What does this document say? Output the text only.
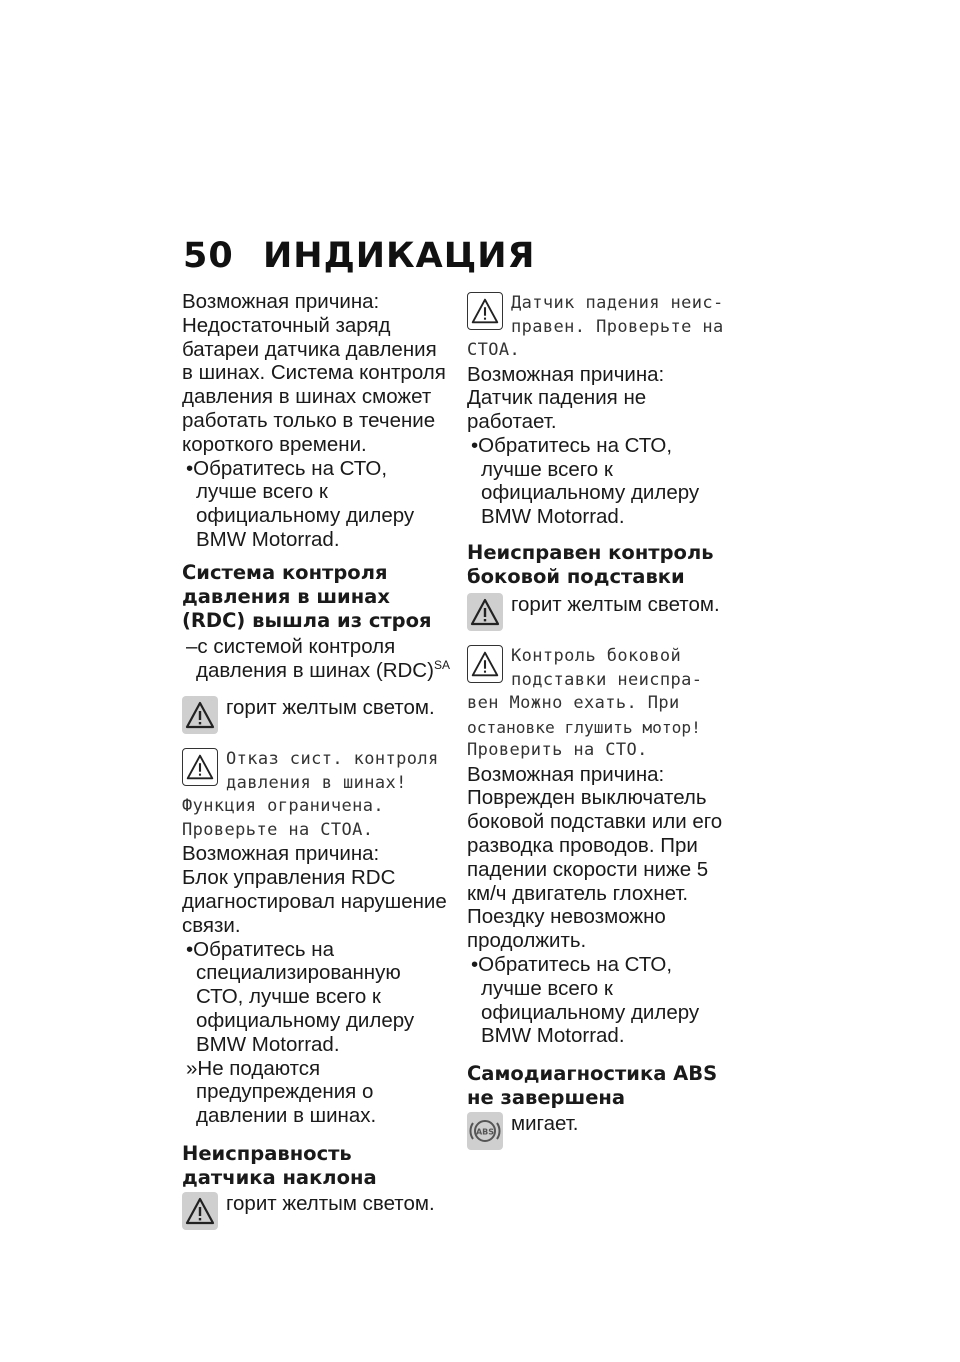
50 ИНДИКАЦИЯ

Возможная причина:

Недостаточный заряд батареи датчика давления в шинах. Система контроля давления в шинах сможет работать только в течение короткого времени.

•Обратитесь на СТО, лучше всего к официальному дилеру BMW Motorrad.

Система контроля давления в шинах (RDC) вышла из строя

–с системой контроля давления в шинах (RDC)$^{SA}$

горит желтым светом.
Отказ сист. контроля
давления в шинах!
Функция ограничена.
Проверьте на СТОА.

Возможная причина:

Блок управления RDC диагностировал нарушение связи.

•Обратитесь на специализированную СТО, лучше всего к официальному дилеру BMW Motorrad.

»Не подаются предупреждения о давлении в шинах.

Неисправность датчика наклона
горит желтым светом.
Датчик падения неис-
правен. Проверьте на
СТОА.

Возможная причина:

Датчик падения не работает.

•Обратитесь на СТО, лучше всего к официальному дилеру BMW Motorrad.

Неисправен контроль боковой подставки
горит желтым светом.
Контроль боковой
подставки неиспра-
вен Можно ехать. При
остановке глушить мотор!
Проверить на СТО.

Возможная причина:

Поврежден выключатель боковой подставки или его разводка проводов. При падении скорости ниже 5 км/ч двигатель глохнет. Поездку невозможно продолжить.

•Обратитесь на СТО, лучше всего к официальному дилеру BMW Motorrad.

Самодиагностика ABS не завершена
ABS мигает.
